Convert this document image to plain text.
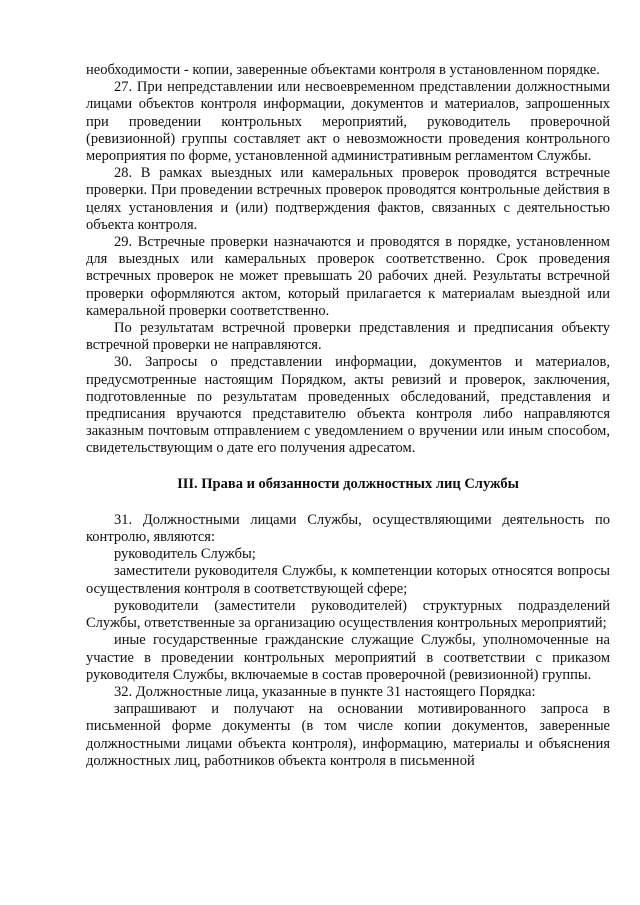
необходимости - копии, заверенные объектами контроля в установленном порядке.

27. При непредставлении или несвоевременном представлении должностными лицами объектов контроля информации, документов и материалов, запрошенных при проведении контрольных мероприятий, руководитель проверочной (ревизионной) группы составляет акт о невозможности проведения контрольного мероприятия по форме, установленной административным регламентом Службы.

28. В рамках выездных или камеральных проверок проводятся встречные проверки. При проведении встречных проверок проводятся контрольные действия в целях установления и (или) подтверждения фактов, связанных с деятельностью объекта контроля.

29. Встречные проверки назначаются и проводятся в порядке, установленном для выездных или камеральных проверок соответственно. Срок проведения встречных проверок не может превышать 20 рабочих дней. Результаты встречной проверки оформляются актом, который прилагается к материалам выездной или камеральной проверки соответственно.

По результатам встречной проверки представления и предписания объекту встречной проверки не направляются.

30. Запросы о представлении информации, документов и материалов, предусмотренные настоящим Порядком, акты ревизий и проверок, заключения, подготовленные по результатам проведенных обследований, представления и предписания вручаются представителю объекта контроля либо направляются заказным почтовым отправлением с уведомлением о вручении или иным способом, свидетельствующим о дате его получения адресатом.

III. Права и обязанности должностных лиц Службы

31. Должностными лицами Службы, осуществляющими деятельность по контролю, являются:

руководитель Службы;

заместители руководителя Службы, к компетенции которых относятся вопросы осуществления контроля в соответствующей сфере;

руководители (заместители руководителей) структурных подразделений Службы, ответственные за организацию осуществления контрольных мероприятий;

иные государственные гражданские служащие Службы, уполномоченные на участие в проведении контрольных мероприятий в соответствии с приказом руководителя Службы, включаемые в состав проверочной (ревизионной) группы.

32. Должностные лица, указанные в пункте 31 настоящего Порядка:

запрашивают и получают на основании мотивированного запроса в письменной форме документы (в том числе копии документов, заверенные должностными лицами объекта контроля), информацию, материалы и объяснения должностных лиц, работников объекта контроля в письменной
